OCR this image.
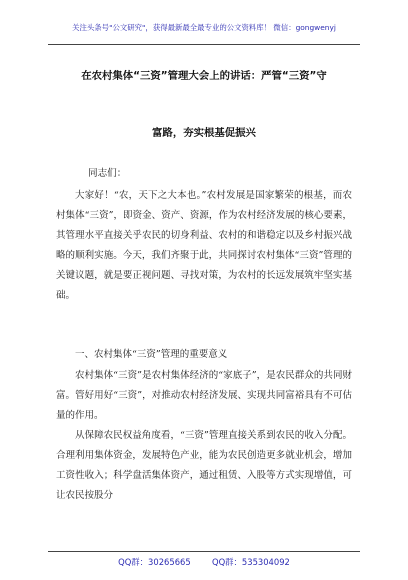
关注头条号"公文研究"，获得最新最全最专业的公文资料库！ 微信：gongwenyj
在农村集体“三资”管理大会上的讲话：严管“三资”守
富路，夯实根基促振兴
同志们：

大家好！“农，天下之大本也。”农村发展是国家繁荣的根基，而农村集体“三资”，即资金、资产、资源，作为农村经济发展的核心要素，其管理水平直接关乎农民的切身利益、农村的和谐稳定以及乡村振兴战略的顺利实施。今天，我们齐聚于此，共同探讨农村集体“三资”管理的关键议题，就是要正视问题、寻找对策，为农村的长远发展筑牢坚实基础。

一、农村集体“三资”管理的重要意义

农村集体“三资”是农村集体经济的“家底子”，是农民群众的共同财富。管好用好“三资”，对推动农村经济发展、实现共同富裕具有不可估量的作用。

从保障农民权益角度看，“三资”管理直接关系到农民的收入分配。合理利用集体资金，发展特色产业，能为农民创造更多就业机会，增加工资性收入；科学盘活集体资产，通过租赁、入股等方式实现增值，可让农民按股分

QQ群：30265665        QQ群：535304092
